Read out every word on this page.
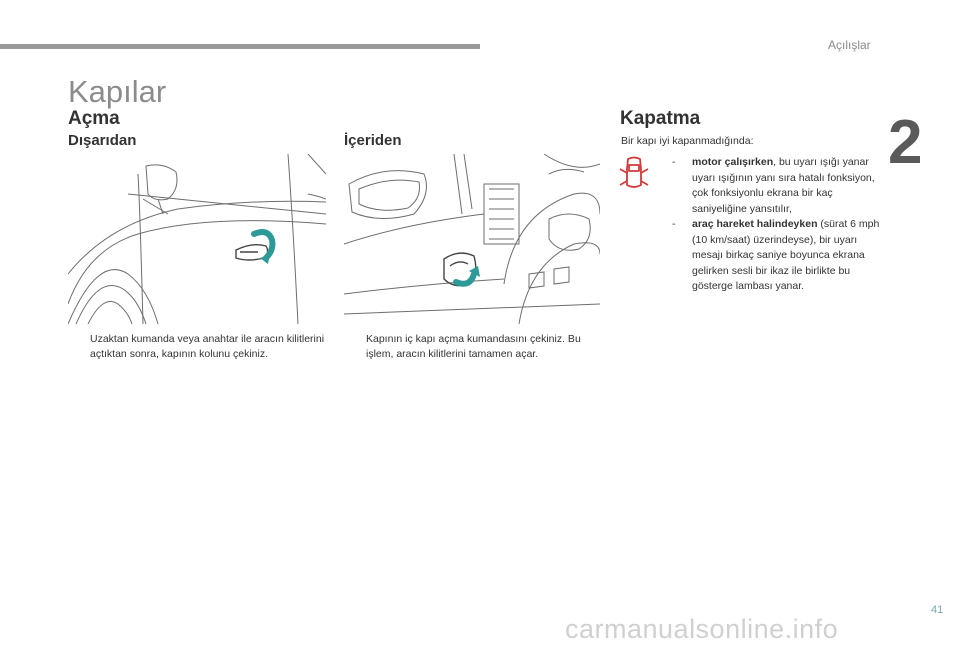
Açılışlar
2
Kapılar
Açma
Dışarıdan	İçeriden
Uzaktan kumanda veya anahtar ile aracın kilitlerini açtıktan sonra, kapının kolunu çekiniz.
Kapının iç kapı açma kumandasını çekiniz. Bu işlem, aracın kilitlerini tamamen açar.
Kapatma
Bir kapı iyi kapanmadığında:
- motor çalışırken, bu uyarı ışığı yanar uyarı ışığının yanı sıra hatalı fonksiyon, çok fonksiyonlu ekrana bir kaç saniyeliğine yansıtılır,
- araç hareket halindeyken (sürat 6 mph (10 km/saat) üzerindeyse), bir uyarı mesajı birkaç saniye boyunca ekrana gelirken sesli bir ikaz ile birlikte bu gösterge lambası yanar.
41
carmanualsonline.info
